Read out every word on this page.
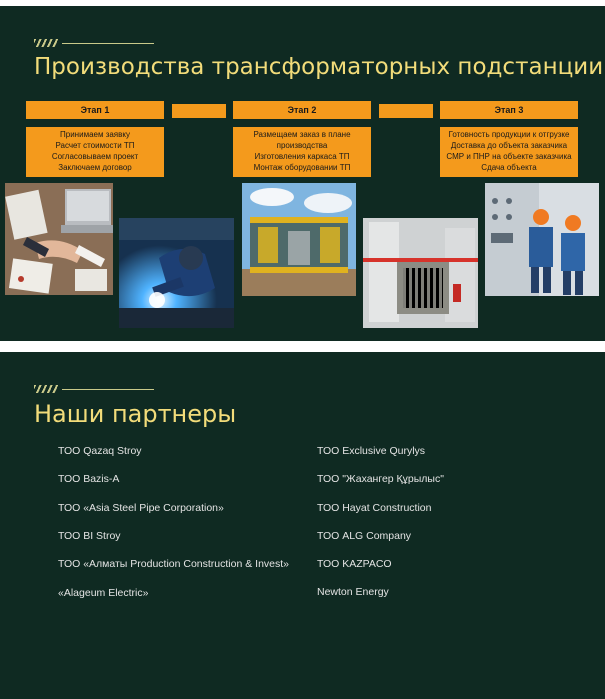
Производства трансформаторных подстанции
Этап 1	Этап 2	Этап 3
Принимаем заявку
Расчет стоимости ТП
Согласовываем проект
Заключаем договор
Размещаем заказ в плане
производства
Изготовления каркаса ТП
Монтаж оборудовании ТП
Готовность продукции к отгрузке
Доставка до объекта заказчика
СМР и ПНР на объекте заказчика
Сдача объекта
Наши партнеры
ТОО Qazaq Stroy
ТОО Bazis-A
ТОО «Asia Steel Pipe Corporation»
ТОО BI Stroy
ТОО «Алматы Production Construction & Invest»
«Alageum Electric»
ТОО Exclusive Qurylys
ТОО "Жахангер Құрылыс"
ТОО Hayat Construction
ТОО ALG Company
ТОО KAZPACO
Newton Energy
